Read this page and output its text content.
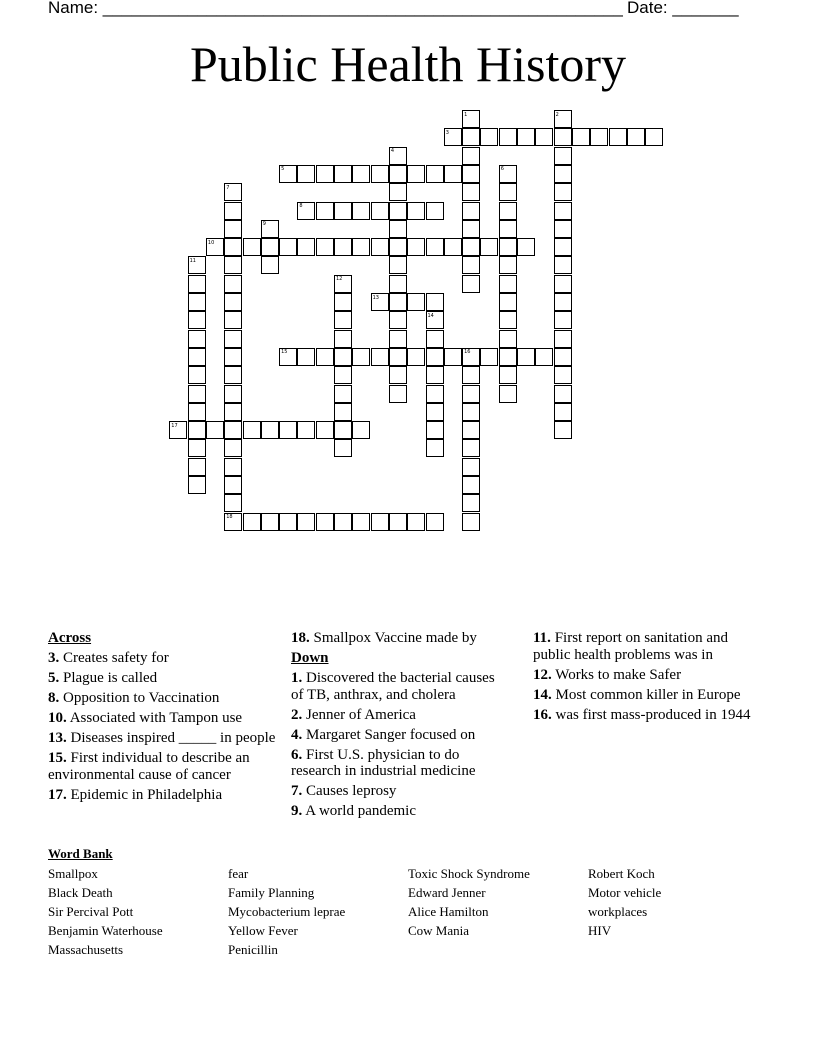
Name: _______________________________________________________ Date: _______
Public Health History
1	2
3
4
5	6
7
8
9
10
11
12
13
14
15	16
17
18
Across
3. Creates safety for
5. Plague is called
8. Opposition to Vaccination
10. Associated with Tampon use
13. Diseases inspired _____ in people
15. First individual to describe an environmental cause of cancer
17. Epidemic in Philadelphia
18. Smallpox Vaccine made by
Down
1. Discovered the bacterial causes of TB, anthrax, and cholera
2. Jenner of America
4. Margaret Sanger focused on
6. First U.S. physician to do research in industrial medicine
7. Causes leprosy
9. A world pandemic
11. First report on sanitation and public health problems was in
12. Works to make Safer
14. Most common killer in Europe
16. was first mass-produced in 1944
Word Bank
Smallpox
Black Death
Sir Percival Pott
Benjamin Waterhouse
Massachusetts
fear
Family Planning
Mycobacterium leprae
Yellow Fever
Penicillin
Toxic Shock Syndrome
Edward Jenner
Alice Hamilton
Cow Mania
Robert Koch
Motor vehicle
workplaces
HIV
